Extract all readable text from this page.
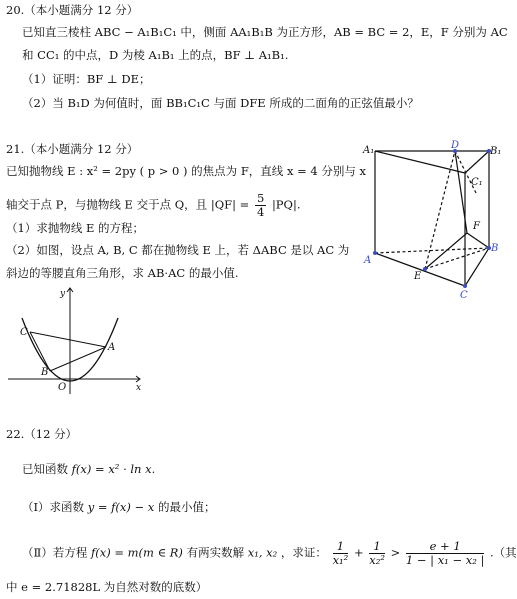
20.（本小题满分 12 分）
已知直三棱柱 ABC − A₁B₁C₁ 中，侧面 AA₁B₁B 为正方形，AB = BC = 2，E，F 分别为 AC
和 CC₁ 的中点，D 为棱 A₁B₁ 上的点，BF ⊥ A₁B₁.
（1）证明：BF ⊥ DE；
（2）当 B₁D 为何值时，面 BB₁C₁C 与面 DFE 所成的二面角的正弦值最小？
21.（本小题满分 12 分）
已知抛物线 E : x² = 2py ( p > 0 ) 的焦点为 F，直线 x = 4 分别与 x
轴交于点 P，与抛物线 E 交于点 Q，且 $|QF| = \frac{5}{4} |PQ|$.
（1）求抛物线 E 的方程；
（2）如图，设点 A, B, C 都在抛物线 E 上，若 ΔABC 是以 AC 为
斜边的等腰直角三角形，求 AB·AC 的最小值.
A₁	D
B₁
C₁
F
A
E
B
C
y
x
O
A
B
C
22.（12 分）
已知函数 f(x) = x² · ln x.
（Ⅰ）求函数 y = f(x) − x 的最小值；
（Ⅱ）若方程 f(x) = m(m ∈ R) 有两实数解 x₁, x₂ ，求证： $\frac{1}{\text{x₁²}} + \frac{1}{\text{x₂²}} > \frac{e + 1}{\text{1 − | x₁ − x₂ |}}$ .（其
中 e = 2.71828L 为自然对数的底数）
